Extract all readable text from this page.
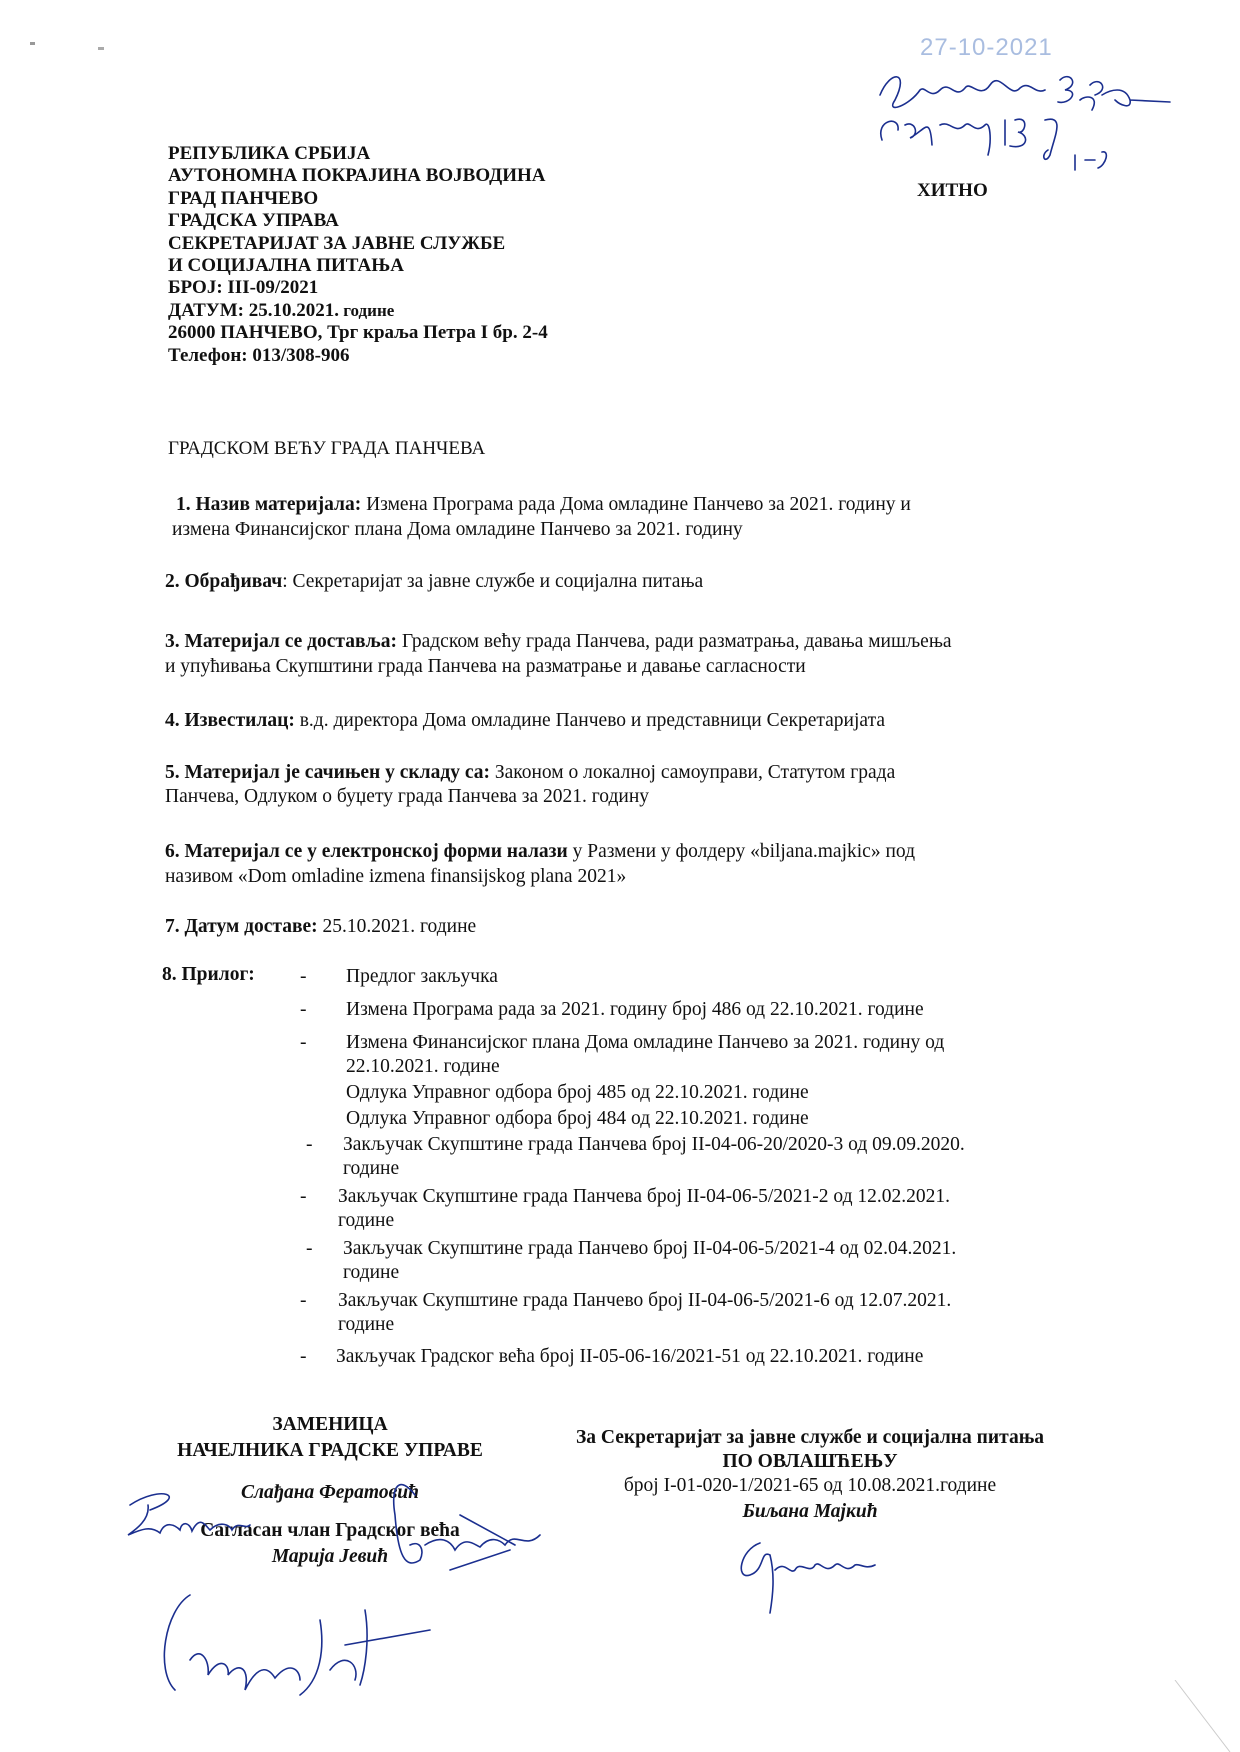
27-10-2021
ХИТНО
РЕПУБЛИКА СРБИЈА
АУТОНОМНА ПОКРАЈИНА ВОЈВОДИНА
ГРАД ПАНЧЕВО
ГРАДСКА УПРАВА
СЕКРЕТАРИЈАТ ЗА ЈАВНЕ СЛУЖБЕ
И СОЦИЈАЛНА ПИТАЊА
БРОЈ: III-09/2021
ДАТУМ: 25.10.2021. године
26000 ПАНЧЕВО, Трг краља Петра I бр. 2-4
Телефон: 013/308-906
ГРАДСКОМ ВЕЋУ ГРАДА ПАНЧЕВА
1. Назив материјала: Измена Програма рада Дома омладине Панчево за 2021. годину и
измена Финансијског плана Дома омладине Панчево за 2021. годину
2. Обрађивач: Секретаријат за јавне службе и социјална питања
3. Материјал се доставља: Градском већу града Панчева, ради разматрања, давања мишљења
и упућивања Скупштини града Панчева на разматрање и давање сагласности
4. Известилац: в.д. директора Дома омладине Панчево и представници Секретаријата
5. Материјал је сачињен у складу са: Законом о локалној самоуправи, Статутом града
Панчева, Одлуком о буџету града Панчева за 2021. годину
6. Материјал се у електронској форми налази у Размени у фолдеру «biljana.majkic» под
називом «Dom omladine izmena finansijskog plana 2021»
7. Датум доставе: 25.10.2021. године
8. Прилог: - Предлог закључка
- Измена Програма рада за 2021. годину број 486 од 22.10.2021. године
- Измена Финансијског плана Дома омладине Панчево за 2021. годину од
22.10.2021. године
Одлука Управног одбора број 485 од 22.10.2021. године
Одлука Управног одбора број 484 од 22.10.2021. године
- Закључак Скупштине града Панчева број II-04-06-20/2020-3 од 09.09.2020.
године
- Закључак Скупштине града Панчева број II-04-06-5/2021-2 од 12.02.2021.
године
- Закључак Скупштине града Панчево број II-04-06-5/2021-4 од 02.04.2021.
године
- Закључак Скупштине града Панчево број II-04-06-5/2021-6 од 12.07.2021.
године
- Закључак Градског већа број II-05-06-16/2021-51 од 22.10.2021. године
ЗАМЕНИЦА
НАЧЕЛНИКА ГРАДСКЕ УПРАВЕ
Слађана Ферaтовић
Сагласан члан Градског већа
Марија Јевић
За Секретаријат за јавне службе и социјална питања
ПО ОВЛАШЋЕЊУ
број I-01-020-1/2021-65 од 10.08.2021.године
Биљана Мајкић
